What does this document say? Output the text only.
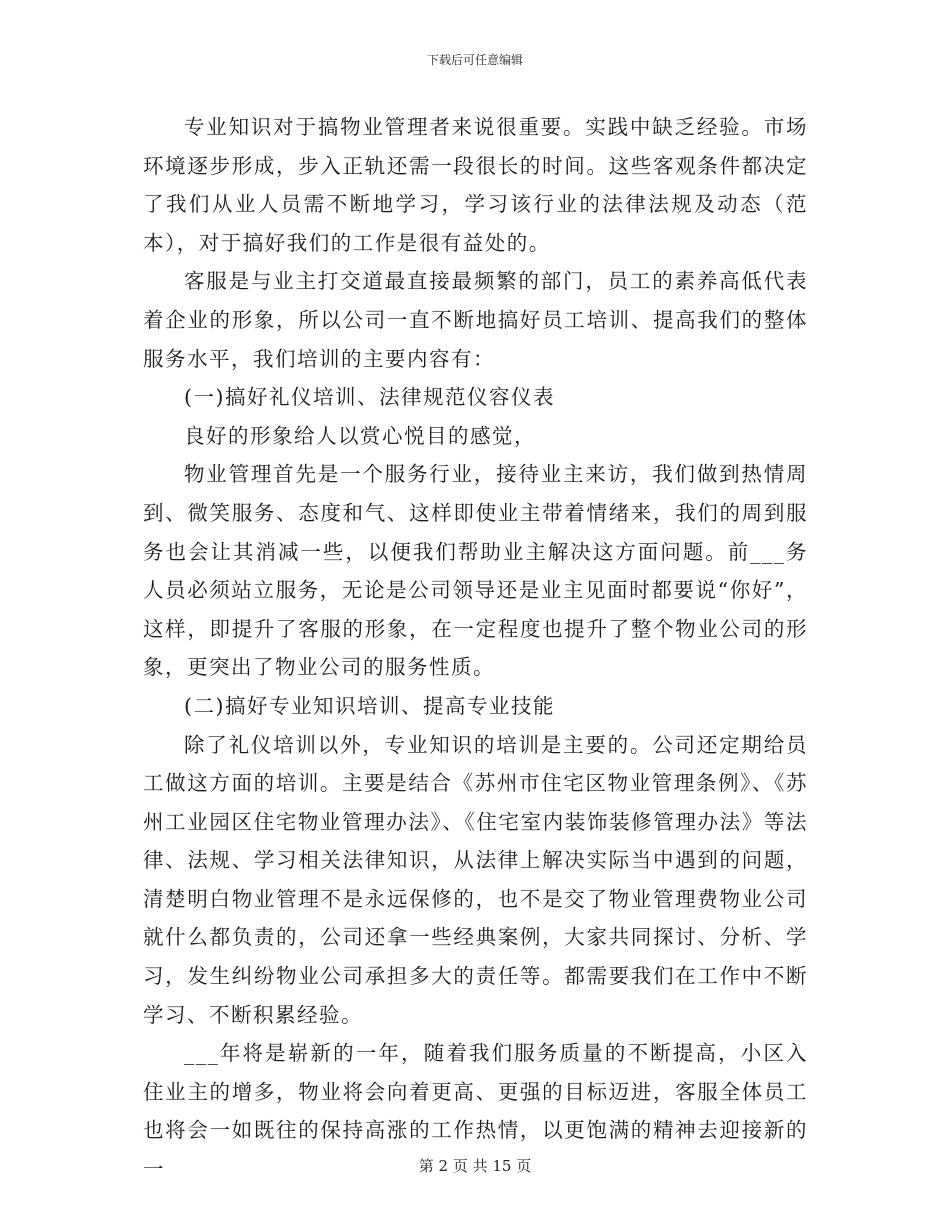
下载后可任意编辑

专业知识对于搞物业管理者来说很重要。实践中缺乏经验。市场环境逐步形成，步入正轨还需一段很长的时间。这些客观条件都决定了我们从业人员需不断地学习，学习该行业的法律法规及动态（范本），对于搞好我们的工作是很有益处的。

客服是与业主打交道最直接最频繁的部门，员工的素养高低代表着企业的形象，所以公司一直不断地搞好员工培训、提高我们的整体服务水平，我们培训的主要内容有：

(一)搞好礼仪培训、法律规范仪容仪表

良好的形象给人以赏心悦目的感觉，

物业管理首先是一个服务行业，接待业主来访，我们做到热情周到、微笑服务、态度和气、这样即使业主带着情绪来，我们的周到服务也会让其消减一些，以便我们帮助业主解决这方面问题。前___务人员必须站立服务，无论是公司领导还是业主见面时都要说“你好”，这样，即提升了客服的形象，在一定程度也提升了整个物业公司的形象，更突出了物业公司的服务性质。

(二)搞好专业知识培训、提高专业技能

除了礼仪培训以外，专业知识的培训是主要的。公司还定期给员工做这方面的培训。主要是结合《苏州市住宅区物业管理条例》、《苏州工业园区住宅物业管理办法》、《住宅室内装饰装修管理办法》等法律、法规、学习相关法律知识，从法律上解决实际当中遇到的问题，清楚明白物业管理不是永远保修的，也不是交了物业管理费物业公司就什么都负责的，公司还拿一些经典案例，大家共同探讨、分析、学习，发生纠纷物业公司承担多大的责任等。都需要我们在工作中不断学习、不断积累经验。

___年将是崭新的一年，随着我们服务质量的不断提高，小区入住业主的增多，物业将会向着更高、更强的目标迈进，客服全体员工也将会一如既往的保持高涨的工作热情，以更饱满的精神去迎接新的一	第 2 页 共 15 页
